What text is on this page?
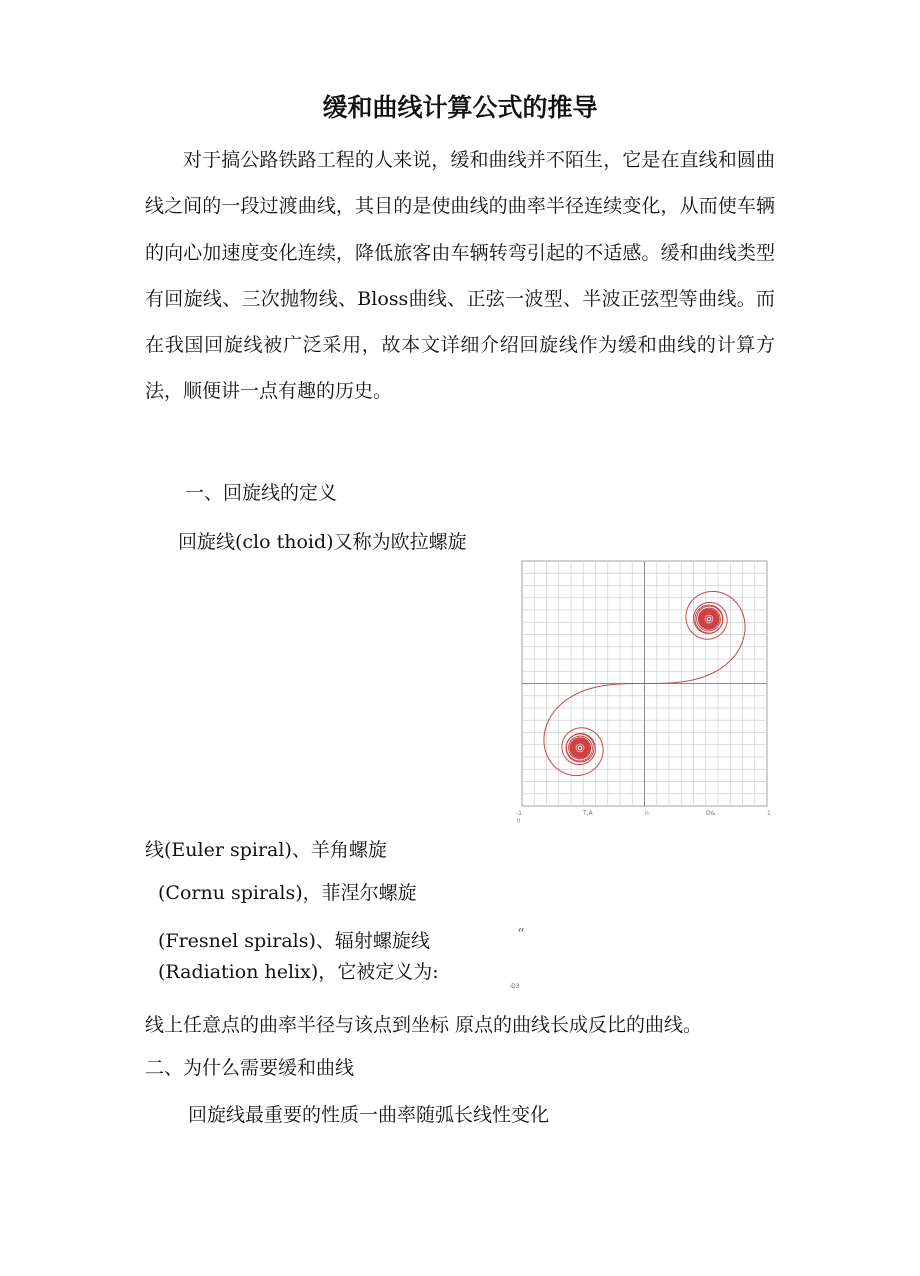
缓和曲线计算公式的推导
对于搞公路铁路工程的人来说，缓和曲线并不陌生，它是在直线和圆曲线之间的一段过渡曲线，其目的是使曲线的曲率半径连续变化，从而使车辆的向心加速度变化连续，降低旅客由车辆转弯引起的不适感。缓和曲线类型有回旋线、三次抛物线、Bloss曲线、正弦一波型、半波正弦型等曲线。而在我国回旋线被广泛采用，故本文详细介绍回旋线作为缓和曲线的计算方法，顺便讲一点有趣的历史。
一、回旋线的定义
回旋线(clo thoid)又称为欧拉螺旋
-1	T,A	n	D&	1
!!
线(Euler spiral)、羊角螺旋
(Cornu spirals)，菲涅尔螺旋
(Fresnel spirals)、辐射螺旋线
(Radiation helix)，它被定义为:
“
-D3
线上任意点的曲率半径与该点到坐标 原点的曲线长成反比的曲线。
二、为什么需要缓和曲线
回旋线最重要的性质一曲率随弧长线性变化
